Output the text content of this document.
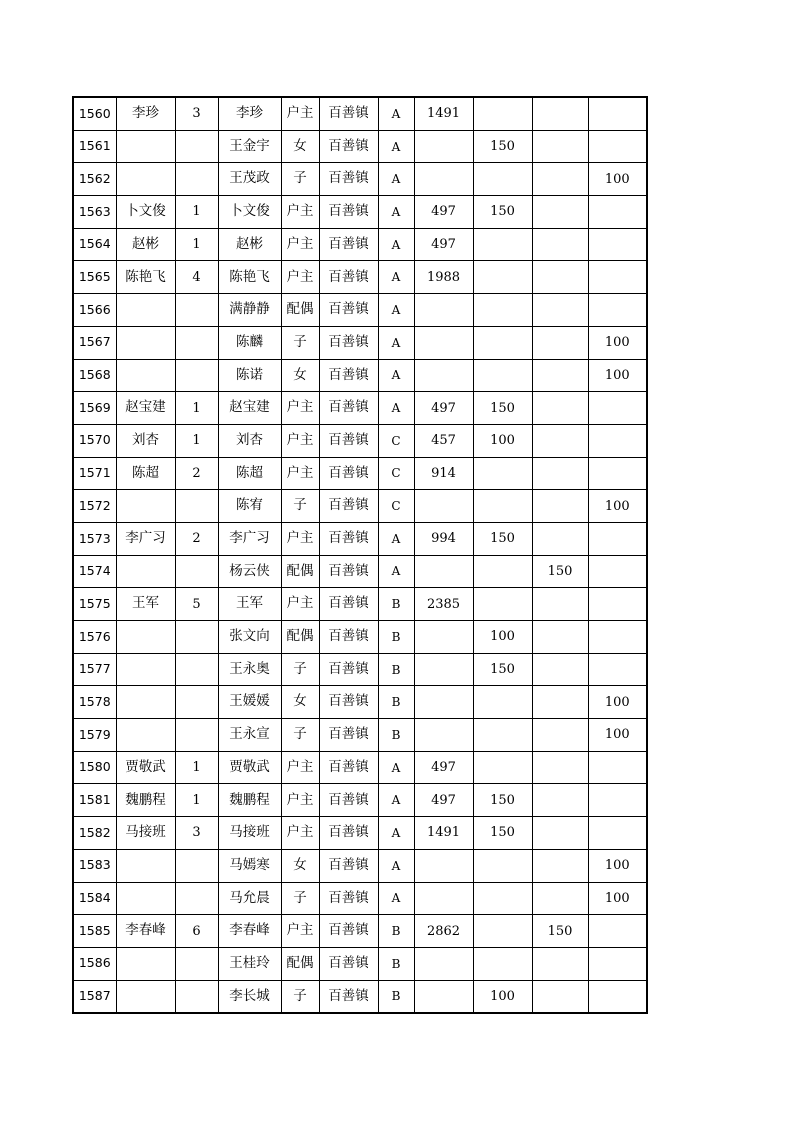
1560	李珍	3	李珍	户主	百善镇	A	1491			
1561			王金宇	女	百善镇	A		150		
1562			王茂政	子	百善镇	A				100
1563	卜文俊	1	卜文俊	户主	百善镇	A	497	150		
1564	赵彬	1	赵彬	户主	百善镇	A	497			
1565	陈艳飞	4	陈艳飞	户主	百善镇	A	1988			
1566			满静静	配偶	百善镇	A				
1567			陈麟	子	百善镇	A				100
1568			陈诺	女	百善镇	A				100
1569	赵宝建	1	赵宝建	户主	百善镇	A	497	150		
1570	刘杏	1	刘杏	户主	百善镇	C	457	100		
1571	陈超	2	陈超	户主	百善镇	C	914			
1572			陈宥	子	百善镇	C				100
1573	李广习	2	李广习	户主	百善镇	A	994	150		
1574			杨云侠	配偶	百善镇	A			150	
1575	王军	5	王军	户主	百善镇	B	2385			
1576			张文向	配偶	百善镇	B		100		
1577			王永奥	子	百善镇	B		150		
1578			王媛媛	女	百善镇	B				100
1579			王永宣	子	百善镇	B				100
1580	贾敬武	1	贾敬武	户主	百善镇	A	497			
1581	魏鹏程	1	魏鹏程	户主	百善镇	A	497	150		
1582	马接班	3	马接班	户主	百善镇	A	1491	150		
1583			马嫣寒	女	百善镇	A				100
1584			马允晨	子	百善镇	A				100
1585	李春峰	6	李春峰	户主	百善镇	B	2862		150	
1586			王桂玲	配偶	百善镇	B				
1587			李长城	子	百善镇	B		100		
